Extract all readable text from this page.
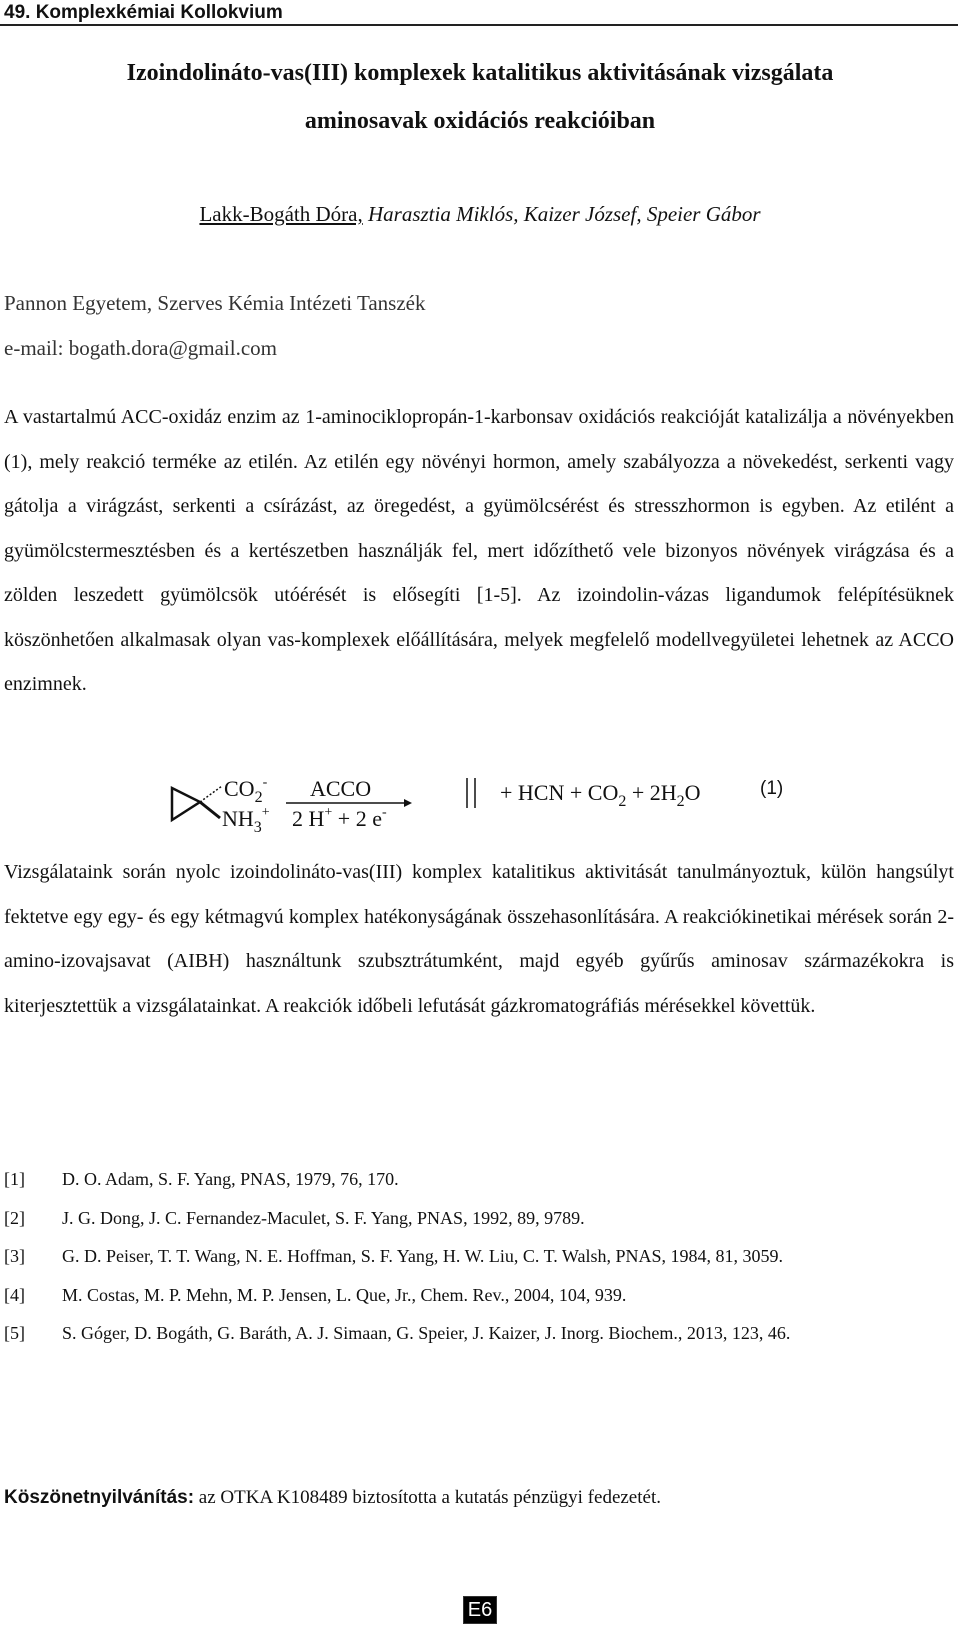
49. Komplexkémiai Kollokvium
Izoindolináto-vas(III) komplexek katalitikus aktivitásának vizsgálata
aminosavak oxidációs reakcióiban
Lakk-Bogáth Dóra, Harasztia Miklós, Kaizer József, Speier Gábor
Pannon Egyetem, Szerves Kémia Intézeti Tanszék
e-mail: bogath.dora@gmail.com

A vastartalmú ACC-oxidáz enzim az 1-aminociklopropán-1-karbonsav oxidációs reakcióját katalizálja a növényekben (1), mely reakció terméke az etilén. Az etilén egy növényi hormon, amely szabályozza a növekedést, serkenti vagy gátolja a virágzást, serkenti a csírázást, az öregedést, a gyümölcsérést és stresszhormon is egyben. Az etilént a gyümölcstermesztésben és a kertészetben használják fel, mert időzíthető vele bizonyos növények virágzása és a zölden leszedett gyümölcsök utóérését is elősegíti [1-5]. Az izoindolin-vázas ligandumok felépítésüknek köszönhetően alkalmasak olyan vas-komplexek előállítására, melyek megfelelő modellvegyületei lehetnek az ACCO enzimnek.

$CO_2^-$
$NH_3^+$
ACCO
2 H+ + 2 e-
+ HCN + $CO_2 + 2H_2O$	(1)

Vizsgálataink során nyolc izoindolináto-vas(III) komplex katalitikus aktivitását tanulmányoztuk, külön hangsúlyt fektetve egy egy- és egy kétmagvú komplex hatékonyságának összehasonlítására. A reakciókinetikai mérések során 2-amino-izovajsavat (AIBH) használtunk szubsztrátumként, majd egyéb gyűrűs aminosav származékokra is kiterjesztettük a vizsgálatainkat. A reakciók időbeli lefutását gázkromatográfiás mérésekkel követtük.

[1]	D. O. Adam, S. F. Yang, PNAS, 1979, 76, 170.
[2]	J. G. Dong, J. C. Fernandez-Maculet, S. F. Yang, PNAS, 1992, 89, 9789.
[3]	G. D. Peiser, T. T. Wang, N. E. Hoffman, S. F. Yang, H. W. Liu, C. T. Walsh, PNAS, 1984, 81, 3059.
[4]	M. Costas, M. P. Mehn, M. P. Jensen, L. Que, Jr., Chem. Rev., 2004, 104, 939.
[5]	S. Góger, D. Bogáth, G. Baráth, A. J. Simaan, G. Speier, J. Kaizer, J. Inorg. Biochem., 2013, 123, 46.
Köszönetnyilvánítás: az OTKA K108489 biztosította a kutatás pénzügyi fedezetét.
E6
